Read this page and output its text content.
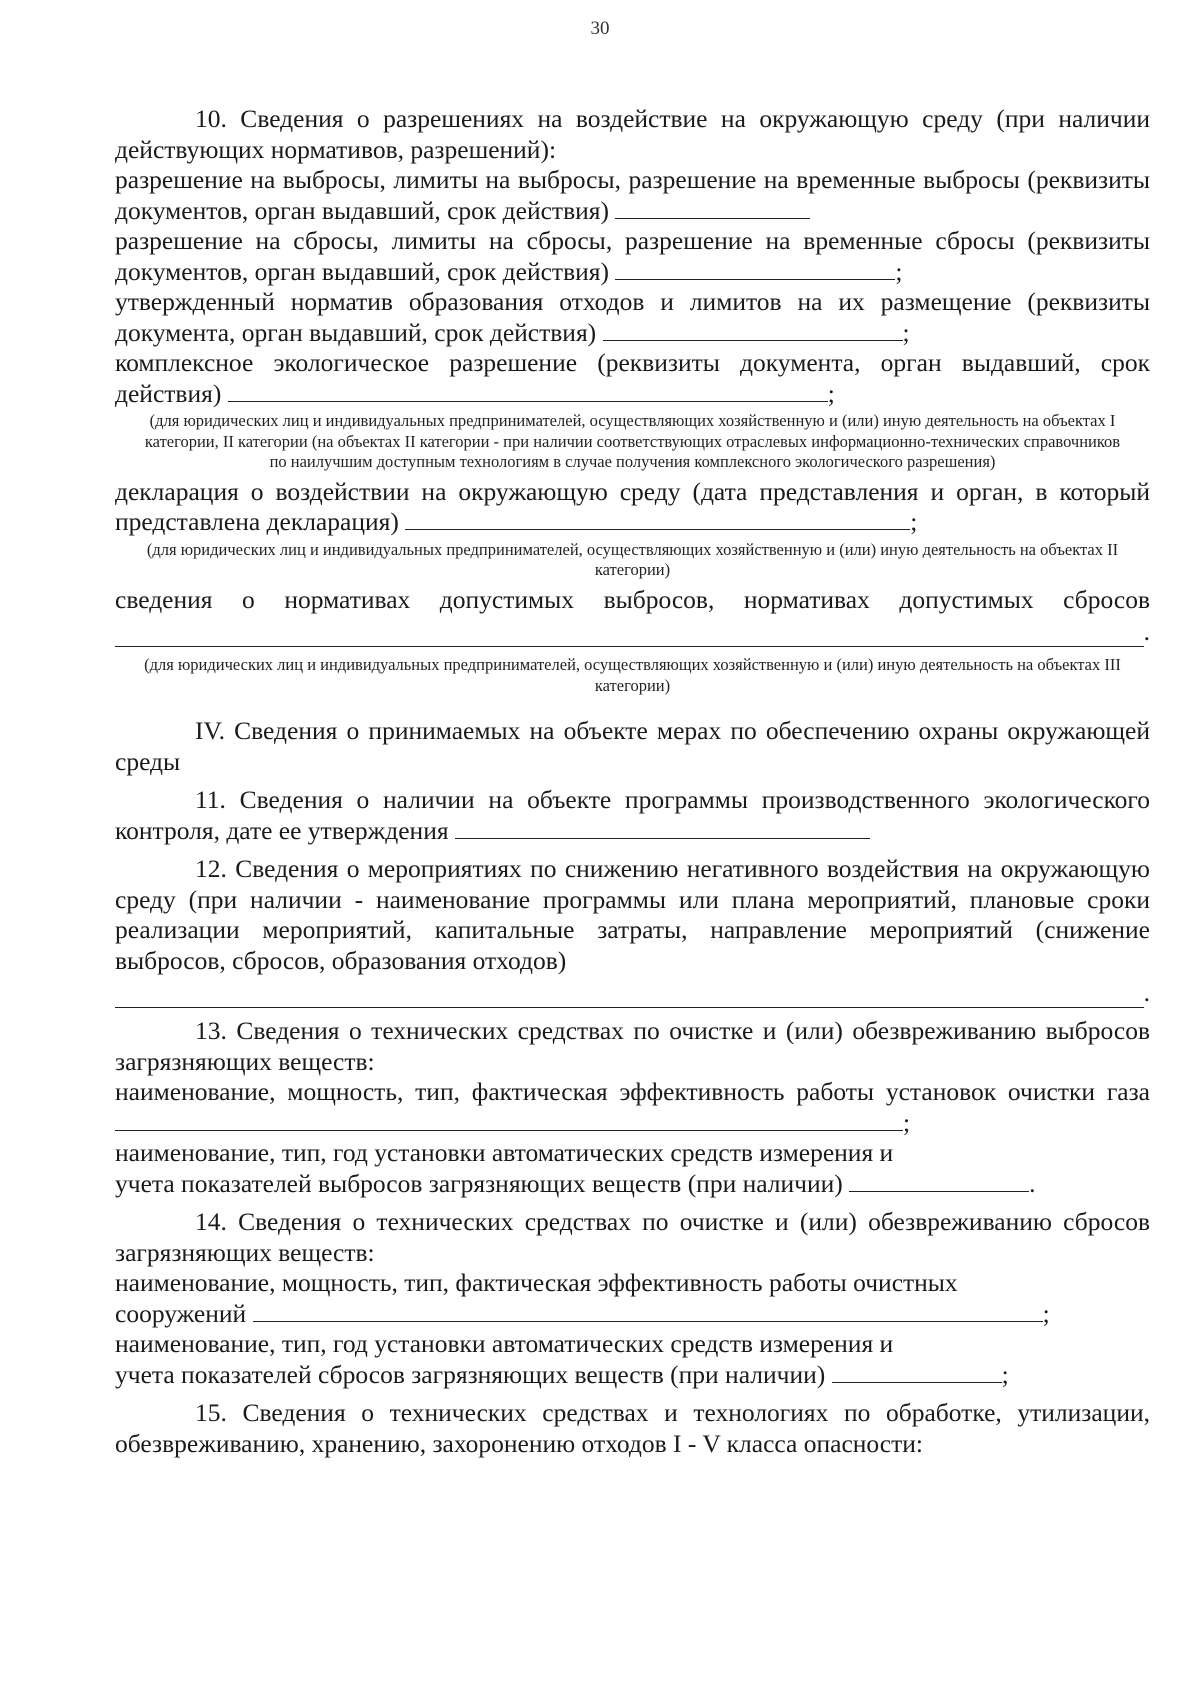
30

10. Сведения о разрешениях на воздействие на окружающую среду (при наличии действующих нормативов, разрешений):

разрешение на выбросы, лимиты на выбросы, разрешение на временные выбросы (реквизиты документов, орган выдавший, срок действия)

разрешение на сбросы, лимиты на сбросы, разрешение на временные сбросы (реквизиты документов, орган выдавший, срок действия)	;

утвержденный норматив образования отходов и лимитов на их размещение (реквизиты документа, орган выдавший, срок действия)	;

комплексное экологическое разрешение (реквизиты документа, орган выдавший, срок действия)	;

(для юридических лиц и индивидуальных предпринимателей, осуществляющих хозяйственную и (или) иную деятельность на объектах I категории, II категории (на объектах II категории - при наличии соответствующих отраслевых информационно-технических справочников по наилучшим доступным технологиям в случае получения комплексного экологического разрешения)

декларация о воздействии на окружающую среду (дата представления и орган, в который представлена декларация)	;

(для юридических лиц и индивидуальных предпринимателей, осуществляющих хозяйственную и (или) иную деятельность на объектах II категории)

сведения о нормативах допустимых выбросов, нормативах допустимых сбросов

.

(для юридических лиц и индивидуальных предпринимателей, осуществляющих хозяйственную и (или) иную деятельность на объектах III категории)

IV. Сведения о принимаемых на объекте мерах по обеспечению охраны окружающей среды

11. Сведения о наличии на объекте программы производственного экологического контроля, дате ее утверждения

12. Сведения о мероприятиях по снижению негативного воздействия на окружающую среду (при наличии - наименование программы или плана мероприятий, плановые сроки реализации мероприятий, капитальные затраты, направление мероприятий (снижение выбросов, сбросов, образования отходов)

.

13. Сведения о технических средствах по очистке и (или) обезвреживанию выбросов загрязняющих веществ:

наименование, мощность, тип, фактическая эффективность работы установок очистки газа ;

наименование, тип, год установки автоматических средств измерения и

учета показателей выбросов загрязняющих веществ (при наличии)	.

14. Сведения о технических средствах по очистке и (или) обезвреживанию сбросов загрязняющих веществ:

наименование, мощность, тип, фактическая эффективность работы очистных

сооружений	;

наименование, тип, год установки автоматических средств измерения и

учета показателей сбросов загрязняющих веществ (при наличии)	;

15. Сведения о технических средствах и технологиях по обработке, утилизации, обезвреживанию, хранению, захоронению отходов I - V класса опасности:
